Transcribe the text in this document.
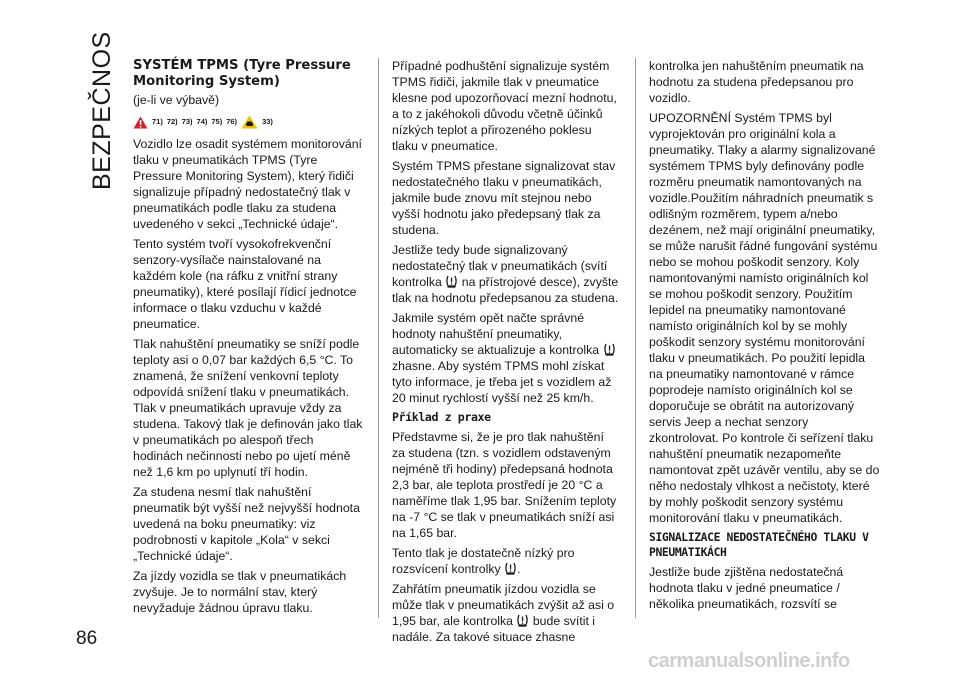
BEZPEČNOST
86
SYSTÉM TPMS (Tyre Pressure Monitoring System)

(je-li ve výbavě)

71) 72) 73) 74) 75) 76)	33)

Vozidlo lze osadit systémem monitorování tlaku v pneumatikách TPMS (Tyre Pressure Monitoring System), který řidiči signalizuje případný nedostatečný tlak v pneumatikách podle tlaku za studena uvedeného v sekci „Technické údaje“.

Tento systém tvoří vysokofrekvenční senzory-vysílače nainstalované na každém kole (na ráfku z vnitřní strany pneumatiky), které posílají řídicí jednotce informace o tlaku vzduchu v každé pneumatice.

Tlak nahuštění pneumatiky se sníží podle teploty asi o 0,07 bar každých 6,5 °C. To znamená, že snížení venkovní teploty odpovídá snížení tlaku v pneumatikách. Tlak v pneumatikách upravuje vždy za studena. Takový tlak je definován jako tlak v pneumatikách po alespoň třech hodinách nečinnosti nebo po ujetí méně než 1,6 km po uplynutí tří hodin.

Za studena nesmí tlak nahuštění pneumatik být vyšší než nejvyšší hodnota uvedená na boku pneumatiky: viz podrobnosti v kapitole „Kola“ v sekci „Technické údaje“.

Za jízdy vozidla se tlak v pneumatikách zvyšuje. Je to normální stav, který nevyžaduje žádnou úpravu tlaku.

Případné podhuštění signalizuje systém TPMS řidiči, jakmile tlak v pneumatice klesne pod upozorňovací mezní hodnotu, a to z jakéhokoli důvodu včetně účinků nízkých teplot a přirozeného poklesu tlaku v pneumatice.

Systém TPMS přestane signalizovat stav nedostatečného tlaku v pneumatikách, jakmile bude znovu mít stejnou nebo vyšší hodnotu jako předepsaný tlak za studena.

Jestliže tedy bude signalizovaný nedostatečný tlak v pneumatikách (svítí kontrolka  na přístrojové desce), zvyšte tlak na hodnotu předepsanou za studena.

Jakmile systém opět načte správné hodnoty nahuštění pneumatiky, automaticky se aktualizuje a kontrolka  zhasne. Aby systém TPMS mohl získat tyto informace, je třeba jet s vozidlem až 20 minut rychlostí vyšší než 25 km/h.

Příklad z praxe

Představme si, že je pro tlak nahuštění za studena (tzn. s vozidlem odstaveným nejméně tři hodiny) předepsaná hodnota 2,3 bar, ale teplota prostředí je 20 °C a naměříme tlak 1,95 bar. Snížením teploty na -7 °C se tlak v pneumatikách sníží asi na 1,65 bar.

Tento tlak je dostatečně nízký pro rozsvícení kontrolky .

Zahřátím pneumatik jízdou vozidla se může tlak v pneumatikách zvýšit až asi o 1,95 bar, ale kontrolka  bude svítit i nadále. Za takové situace zhasne

kontrolka jen nahuštěním pneumatik na hodnotu za studena předepsanou pro vozidlo.

UPOZORNĚNÍ Systém TPMS byl vyprojektován pro originální kola a pneumatiky. Tlaky a alarmy signalizované systémem TPMS byly definovány podle rozměru pneumatik namontovaných na vozidle.Použitím náhradních pneumatik s odlišným rozměrem, typem a/nebo dezénem, než mají originální pneumatiky, se může narušit řádné fungování systému nebo se mohou poškodit senzory. Koly namontovanými namísto originálních kol se mohou poškodit senzory. Použitím lepidel na pneumatiky namontované namísto originálních kol by se mohly poškodit senzory systému monitorování tlaku v pneumatikách. Po použití lepidla na pneumatiky namontované v rámce poprodeje namísto originálních kol se doporučuje se obrátit na autorizovaný servis Jeep a nechat senzory zkontrolovat. Po kontrole či seřízení tlaku nahuštění pneumatik nezapomeňte namontovat zpět uzávěr ventilu, aby se do něho nedostaly vlhkost a nečistoty, které by mohly poškodit senzory systému monitorování tlaku v pneumatikách.

SIGNALIZACE NEDOSTATEČNÉHO TLAKU V PNEUMATIKÁCH

Jestliže bude zjištěna nedostatečná hodnota tlaku v jedné pneumatice / několika pneumatikách, rozsvítí se

carmanualsonline.info
